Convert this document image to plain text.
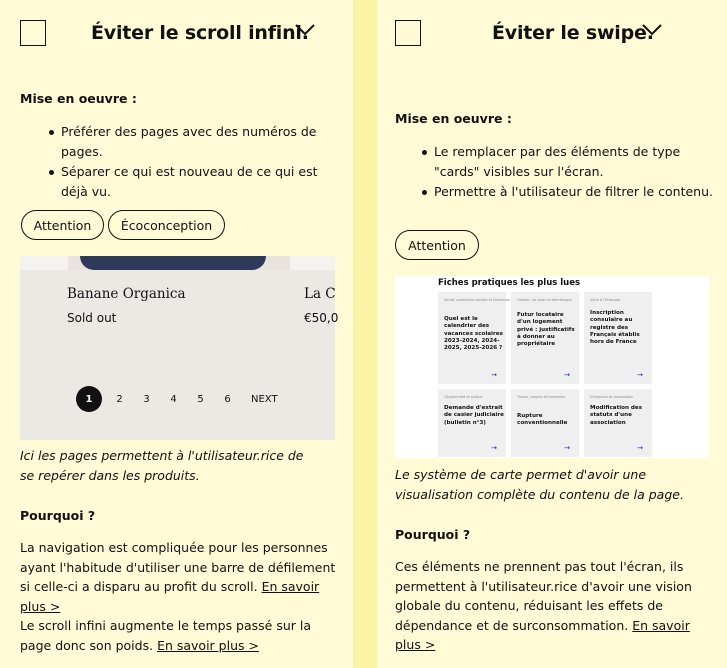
Éviter le scroll infini.
Mise en oeuvre :
Préférer des pages avec des numéros de pages.
Séparer ce qui est nouveau de ce qui est déjà vu.
Attention	Écoconception
Banane Organica	La C
Sold out	€50,0
1	2	3	4	5	6	NEXT
Ici les pages permettent à l'utilisateur.rice de se repérer dans les produits.
Pourquoi ?
La navigation est compliquée pour les personnes ayant l'habitude d'utiliser une barre de défilement si celle-ci a disparu au profit du scroll. En savoir plus >
Le scroll infini augmente le temps passé sur la page donc son poids. En savoir plus >
Éviter le swipe.
Mise en oeuvre :
Le remplacer par des éléments de type "cards" visibles sur l'écran.
Permettre à l'utilisateur de filtrer le contenu.
Attention
Fiches pratiques les plus lues
Santé, protection sociale et formation
Quel est le calendrier des vacances scolaires 2023-2024, 2024-2025, 2025-2026 ?
→
Habiter, se loger et déménager
Futur locataire d'un logement privé : justificatifs à donner au propriétaire
→
Vivre à l'étranger
Inscription consulaire au registre des Français établis hors de France
→
Citoyenneté et justice
Demande d'extrait de casier judiciaire (bulletin n°3)
→
Travail, emploi et formation
Rupture conventionnelle
→
Entreprise et association
Modification des statuts d'une association
→
Le système de carte permet d'avoir une visualisation complète du contenu de la page.
Pourquoi ?
Ces éléments ne prennent pas tout l'écran, ils permettent à l'utilisateur.rice d'avoir une vision globale du contenu, réduisant les effets de dépendance et de surconsommation. En savoir plus >
